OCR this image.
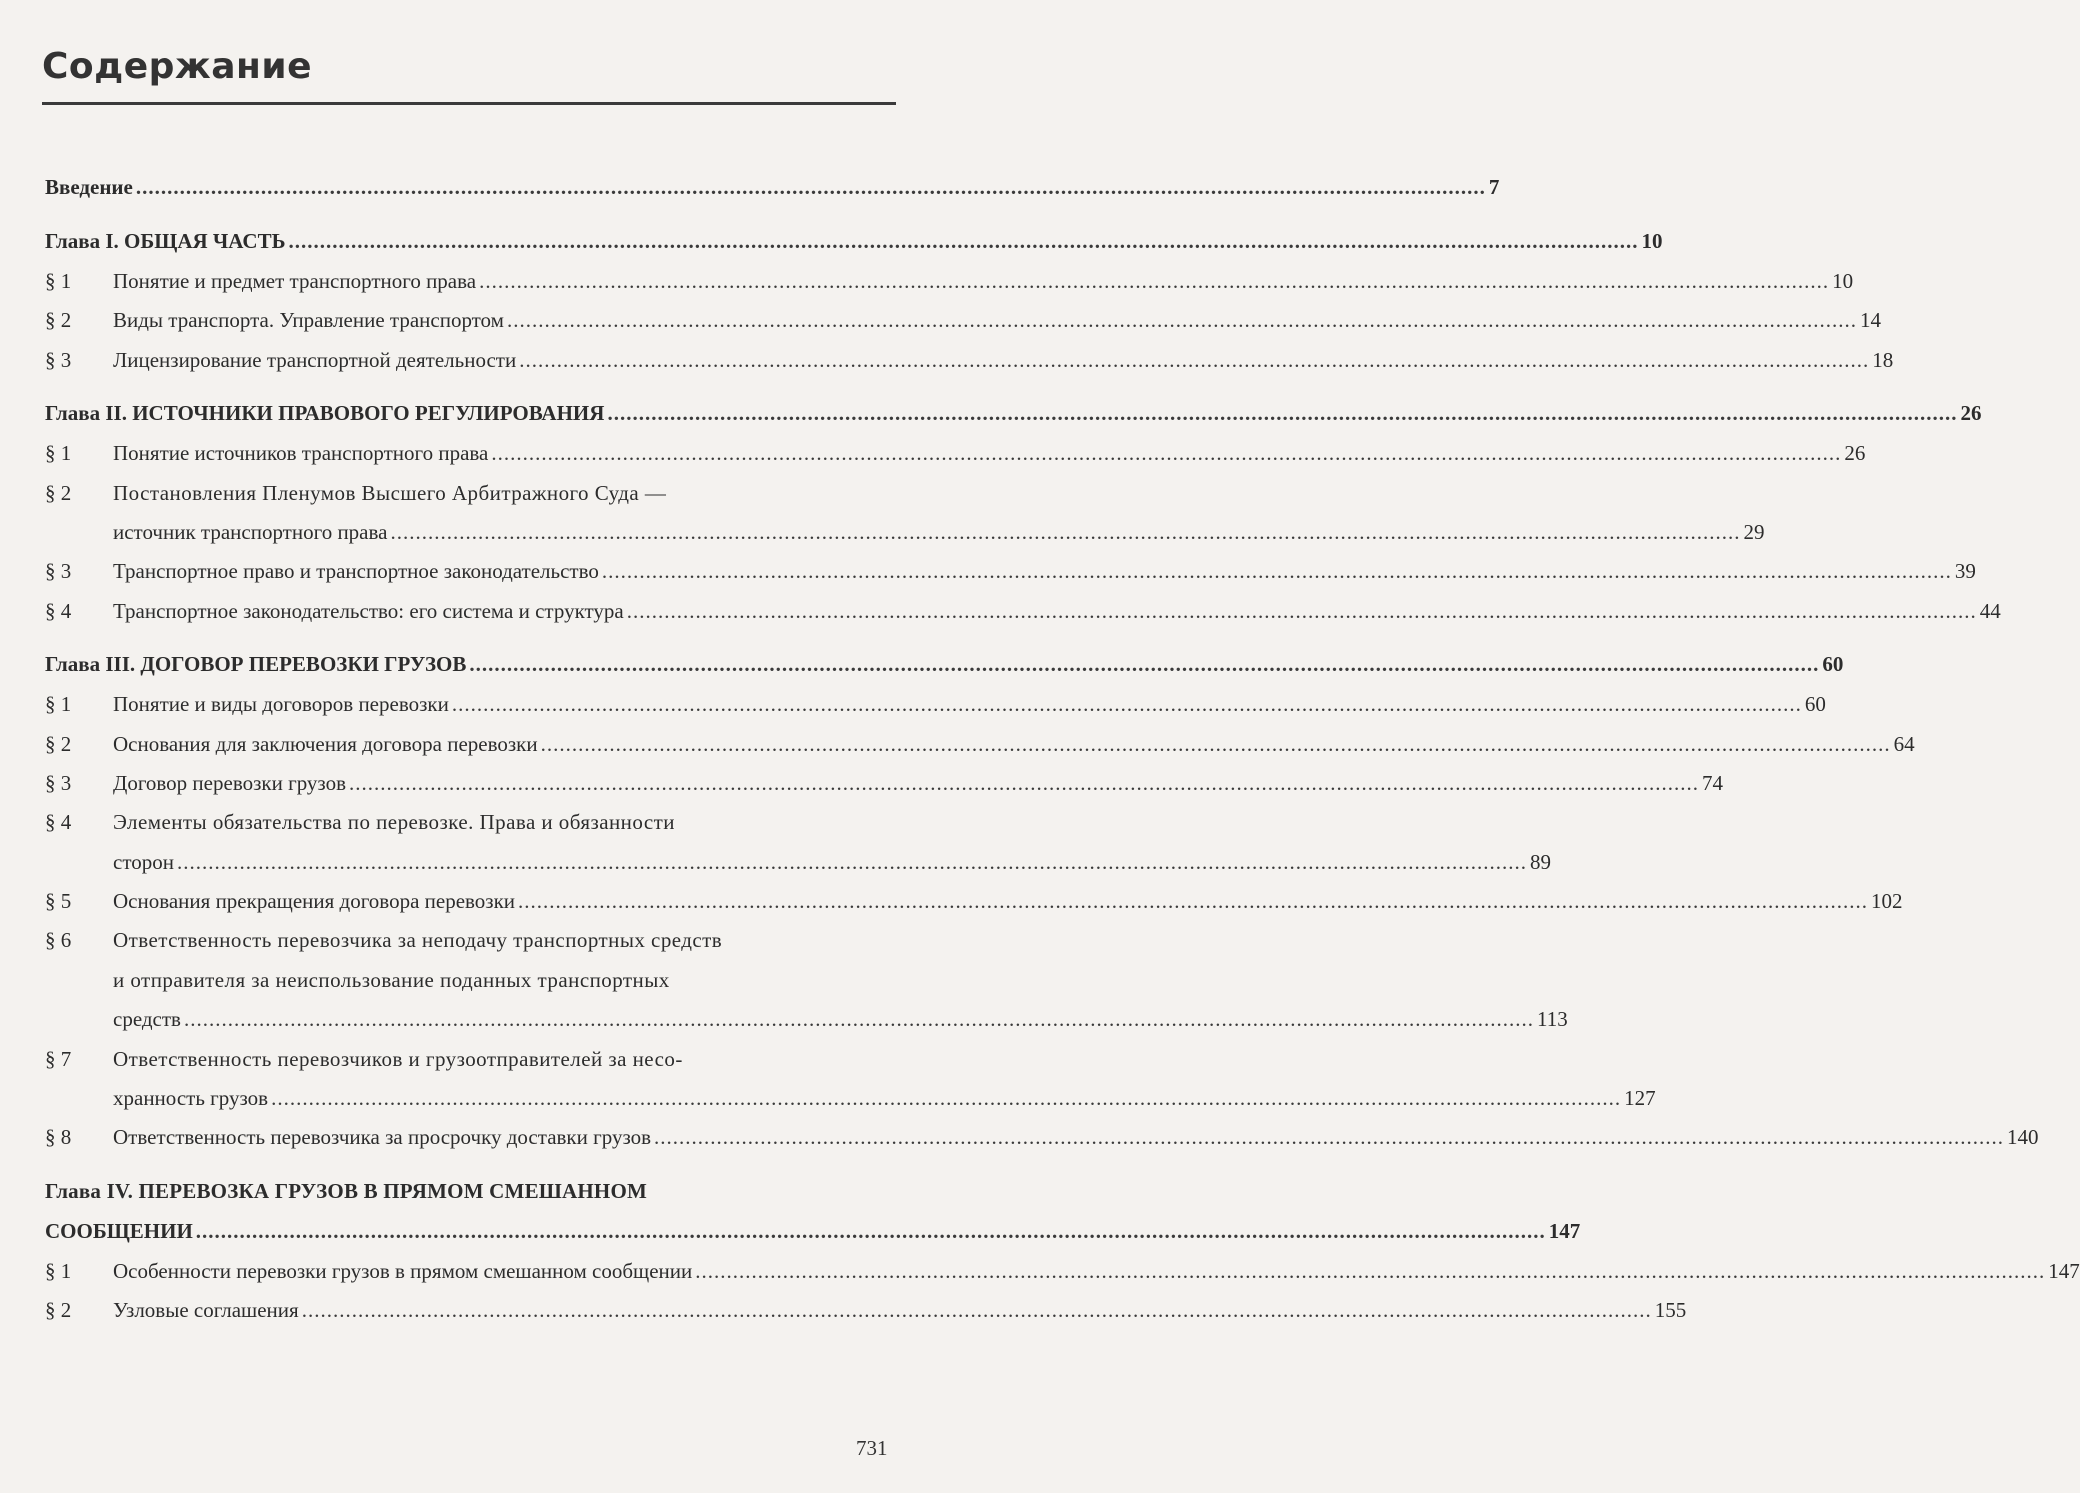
Содержание
Введение .....	7
Глава I. ОБЩАЯ ЧАСТЬ .....	10
§ 1	Понятие и предмет транспортного права .....	10
§ 2	Виды транспорта. Управление транспортом .....	14
§ 3	Лицензирование транспортной деятельности .....	18
Глава II. ИСТОЧНИКИ ПРАВОВОГО РЕГУЛИРОВАНИЯ .....	26
§ 1	Понятие источников транспортного права .....	26
§ 2	Постановления Пленумов Высшего Арбитражного Суда —
источник транспортного права .....	29
§ 3	Транспортное право и транспортное законодательство .....	39
§ 4	Транспортное законодательство: его система и структура .....	44
Глава III. ДОГОВОР ПЕРЕВОЗКИ ГРУЗОВ .....	60
§ 1	Понятие и виды договоров перевозки .....	60
§ 2	Основания для заключения договора перевозки .....	64
§ 3	Договор перевозки грузов .....	74
§ 4	Элементы обязательства по перевозке. Права и обязанности
сторон .....	89
§ 5	Основания прекращения договора перевозки .....	102
§ 6	Ответственность перевозчика за неподачу транспортных средств
и отправителя за неиспользование поданных транспортных
средств .....	113
§ 7	Ответственность перевозчиков и грузоотправителей за несо-
хранность грузов .....	127
§ 8	Ответственность перевозчика за просрочку доставки грузов .....	140
Глава IV. ПЕРЕВОЗКА ГРУЗОВ В ПРЯМОМ СМЕШАННОМ
СООБЩЕНИИ .....	147
§ 1	Особенности перевозки грузов в прямом смешанном сообщении .....	147
§ 2	Узловые соглашения .....	155
731
